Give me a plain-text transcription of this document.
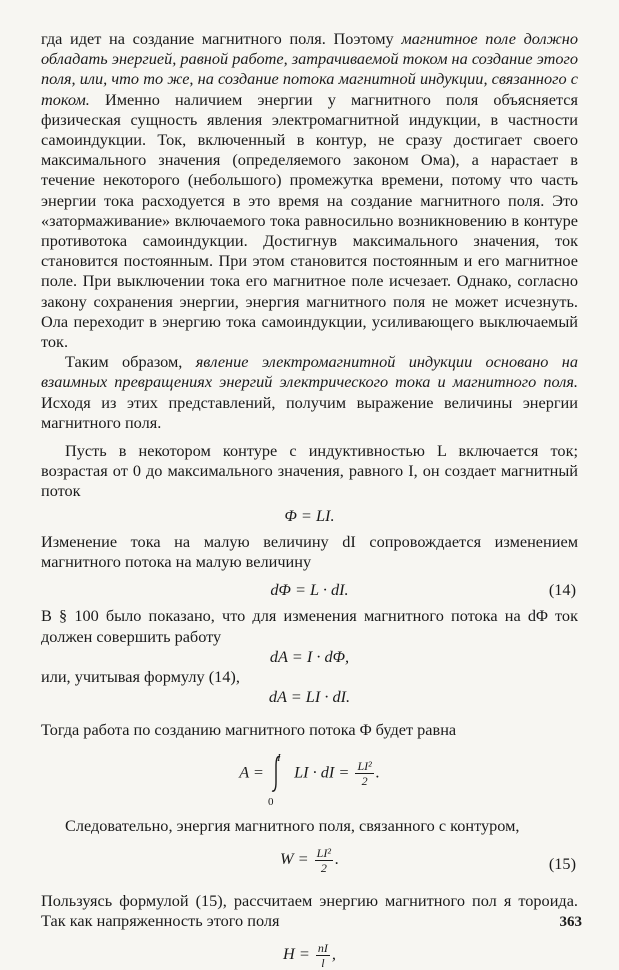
гда идет на создание магнитного поля. Поэтому магнитное поле должно обладать энергией, равной работе, затрачиваемой током на создание этого поля, или, что то же, на создание потока магнитной индукции, связанного с током. Именно наличием энергии у магнитного поля объясняется физическая сущность явления электромагнитной индукции, в частности самоиндукции. Ток, включенный в контур, не сразу достигает своего максимального значения (определяемого законом Ома), а нарастает в течение некоторого (небольшого) промежутка времени, потому что часть энергии тока расходуется в это время на создание магнитного поля. Это «затормаживание» включаемого тока равносильно возникновению в контуре противотока самоиндукции. Достигнув максимального значения, ток становится постоянным. При этом становится постоянным и его магнитное поле. При выключении тока его магнитное поле исчезает. Однако, согласно закону сохранения энергии, энергия магнитного поля не может исчезнуть. Ола переходит в энергию тока самоиндукции, усиливающего выключаемый ток.

Таким образом, явление электромагнитной индукции основано на взаимных превращениях энергий электрического тока и магнитного поля. Исходя из этих представлений, получим выражение величины энергии магнитного поля.

Пусть в некотором контуре с индуктивностью L включается ток; возрастая от 0 до максимального значения, равного I, он создает магнитный поток

Φ = LI.

Изменение тока на малую величину dI сопровождается изменением магнитного потока на малую величину

dΦ = L · dI.	(14)

В § 100 было показано, что для изменения магнитного потока на dΦ ток должен совершить работу

dA = I · dΦ,

или, учитывая формулу (14),

dA = LI · dI.

Тогда работа по созданию магнитного потока Φ будет равна

A =
I
0
LI · dI = $\frac{\text{LI²}}{2}$ .

Следовательно, энергия магнитного поля, связанного с контуром,

$W = \frac{\text{LI²}}{2}$ .	(15)

Пользуясь формулой (15), рассчитаем энергию магнитного пол я тороида. Так как напряженность этого поля

$H = \frac{nI}{l}$ ,

363
